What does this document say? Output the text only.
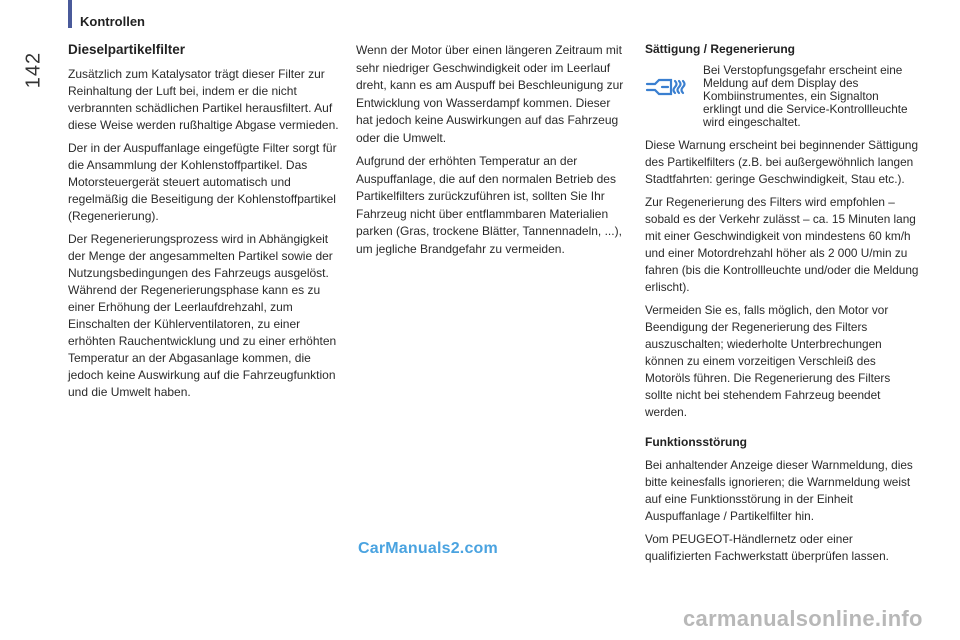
Kontrollen
142
Dieselpartikelfilter

Zusätzlich zum Katalysator trägt dieser Filter zur Reinhaltung der Luft bei, indem er die nicht verbrannten schädlichen Partikel herausfiltert. Auf diese Weise werden rußhaltige Abgase vermieden.

Der in der Auspuffanlage eingefügte Filter sorgt für die Ansammlung der Kohlenstoffpartikel. Das Motorsteuergerät steuert automatisch und regelmäßig die Beseitigung der Kohlenstoffpartikel (Regenerierung).

Der Regenerierungsprozess wird in Abhängigkeit der Menge der angesammelten Partikel sowie der Nutzungsbedingungen des Fahrzeugs ausgelöst. Während der Regenerierungsphase kann es zu einer Erhöhung der Leerlaufdrehzahl, zum Einschalten der Kühlerventilatoren, zu einer erhöhten Rauchentwicklung und zu einer erhöhten Temperatur an der Abgasanlage kommen, die jedoch keine Auswirkung auf die Fahrzeugfunktion und die Umwelt haben.

Wenn der Motor über einen längeren Zeitraum mit sehr niedriger Geschwindigkeit oder im Leerlauf dreht, kann es am Auspuff bei Beschleunigung zur Entwicklung von Wasserdampf kommen. Dieser hat jedoch keine Auswirkungen auf das Fahrzeug oder die Umwelt.

Aufgrund der erhöhten Temperatur an der Auspuffanlage, die auf den normalen Betrieb des Partikelfilters zurückzuführen ist, sollten Sie Ihr Fahrzeug nicht über entflammbaren Materialien parken (Gras, trockene Blätter, Tannennadeln, ...), um jegliche Brandgefahr zu vermeiden.

Sättigung / Regenerierung

Bei Verstopfungsgefahr erscheint eine Meldung auf dem Display des Kombiinstrumentes, ein Signalton erklingt und die Service-Kontrollleuchte wird eingeschaltet.

Diese Warnung erscheint bei beginnender Sättigung des Partikelfilters (z.B. bei außergewöhnlich langen Stadtfahrten: geringe Geschwindigkeit, Stau etc.).

Zur Regenerierung des Filters wird empfohlen – sobald es der Verkehr zulässt – ca. 15 Minuten lang mit einer Geschwindigkeit von mindestens 60 km/h und einer Motordrehzahl höher als 2 000 U/min zu fahren (bis die Kontrollleuchte und/oder die Meldung erlischt).

Vermeiden Sie es, falls möglich, den Motor vor Beendigung der Regenerierung des Filters auszuschalten; wiederholte Unterbrechungen können zu einem vorzeitigen Verschleiß des Motoröls führen. Die Regenerierung des Filters sollte nicht bei stehendem Fahrzeug beendet werden.

Funktionsstörung

Bei anhaltender Anzeige dieser Warnmeldung, dies bitte keinesfalls ignorieren; die Warnmeldung weist auf eine Funktionsstörung in der Einheit Auspuffanlage / Partikelfilter hin.

Vom PEUGEOT-Händlernetz oder einer qualifizierten Fachwerkstatt überprüfen lassen.

CarManuals2.com
carmanualsonline.info
